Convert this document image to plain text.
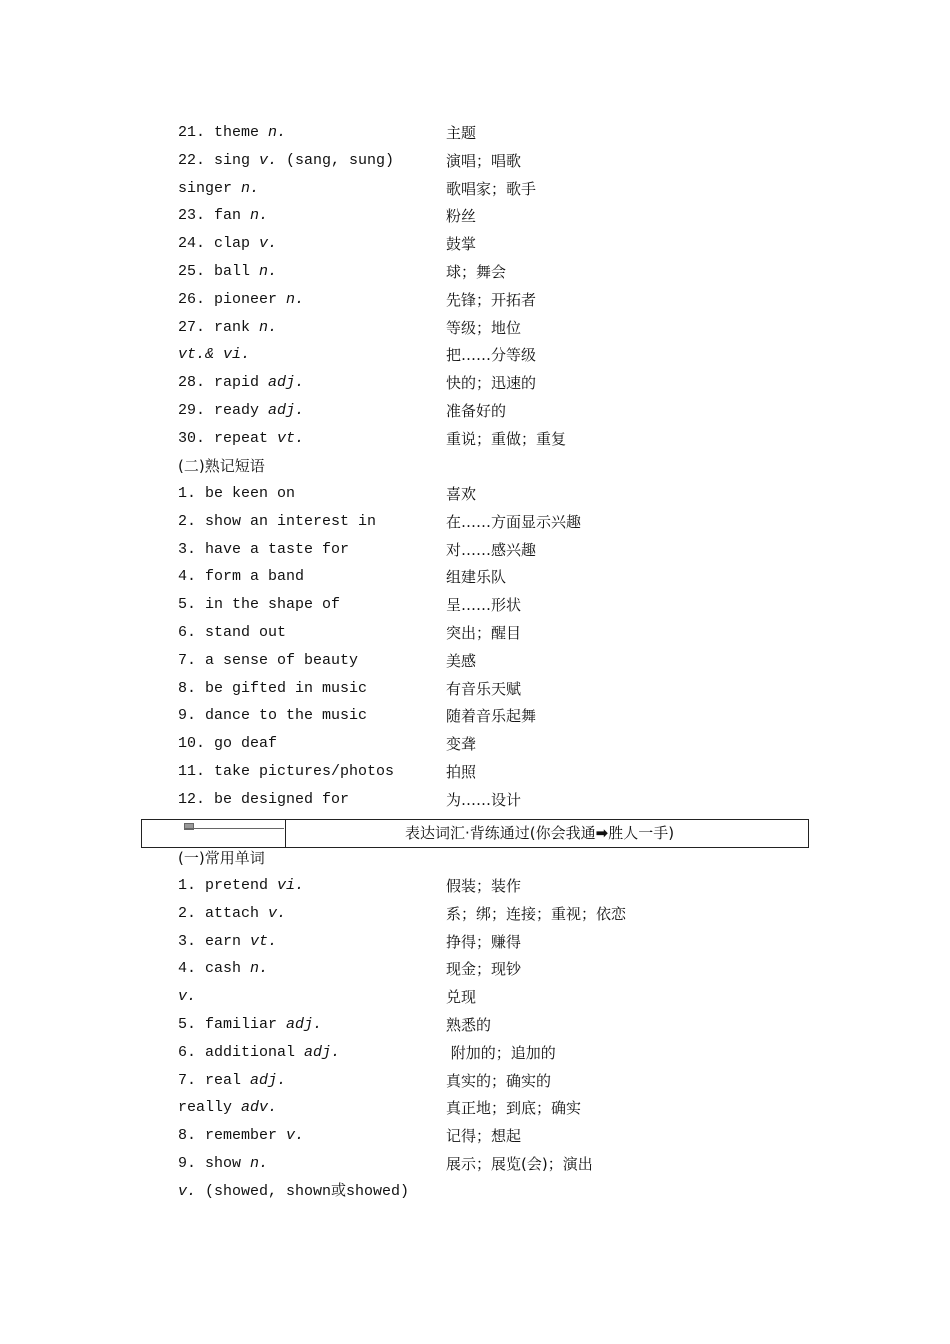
21. theme n.	主题
22. sing v. (sang, sung)	演唱；唱歌
singer n.	歌唱家；歌手
23. fan n.	粉丝
24. clap v.	鼓掌
25. ball n.	球；舞会
26. pioneer n.	先锋；开拓者
27. rank n.	等级；地位
vt.& vi.	把……分等级
28. rapid adj.	快的；迅速的
29. ready adj.	准备好的
30. repeat vt.	重说；重做；重复
(二)熟记短语
1. be keen on	喜欢
2. show an interest in	在……方面显示兴趣
3. have a taste for	对……感兴趣
4. form a band	组建乐队
5. in the shape of	呈……形状
6. stand out	突出；醒目
7. a sense of beauty	美感
8. be gifted in music	有音乐天赋
9. dance to the music	随着音乐起舞
10. go deaf	变聋
11. take pictures/photos	拍照
12. be designed for	为……设计
表达词汇·背练通过(你会我通➡胜人一手)
(一)常用单词
1. pretend vi.	假装；装作
2. attach v.	系；绑；连接；重视；依恋
3. earn vt.	挣得；赚得
4. cash n.	现金；现钞
v.	兑现
5. familiar adj.	熟悉的
6. additional adj.	附加的；追加的
7. real adj.	真实的；确实的
really adv.	真正地；到底；确实
8. remember v.	记得；想起
9. show n.	展示；展览(会)；演出
v. (showed, shown或showed)
